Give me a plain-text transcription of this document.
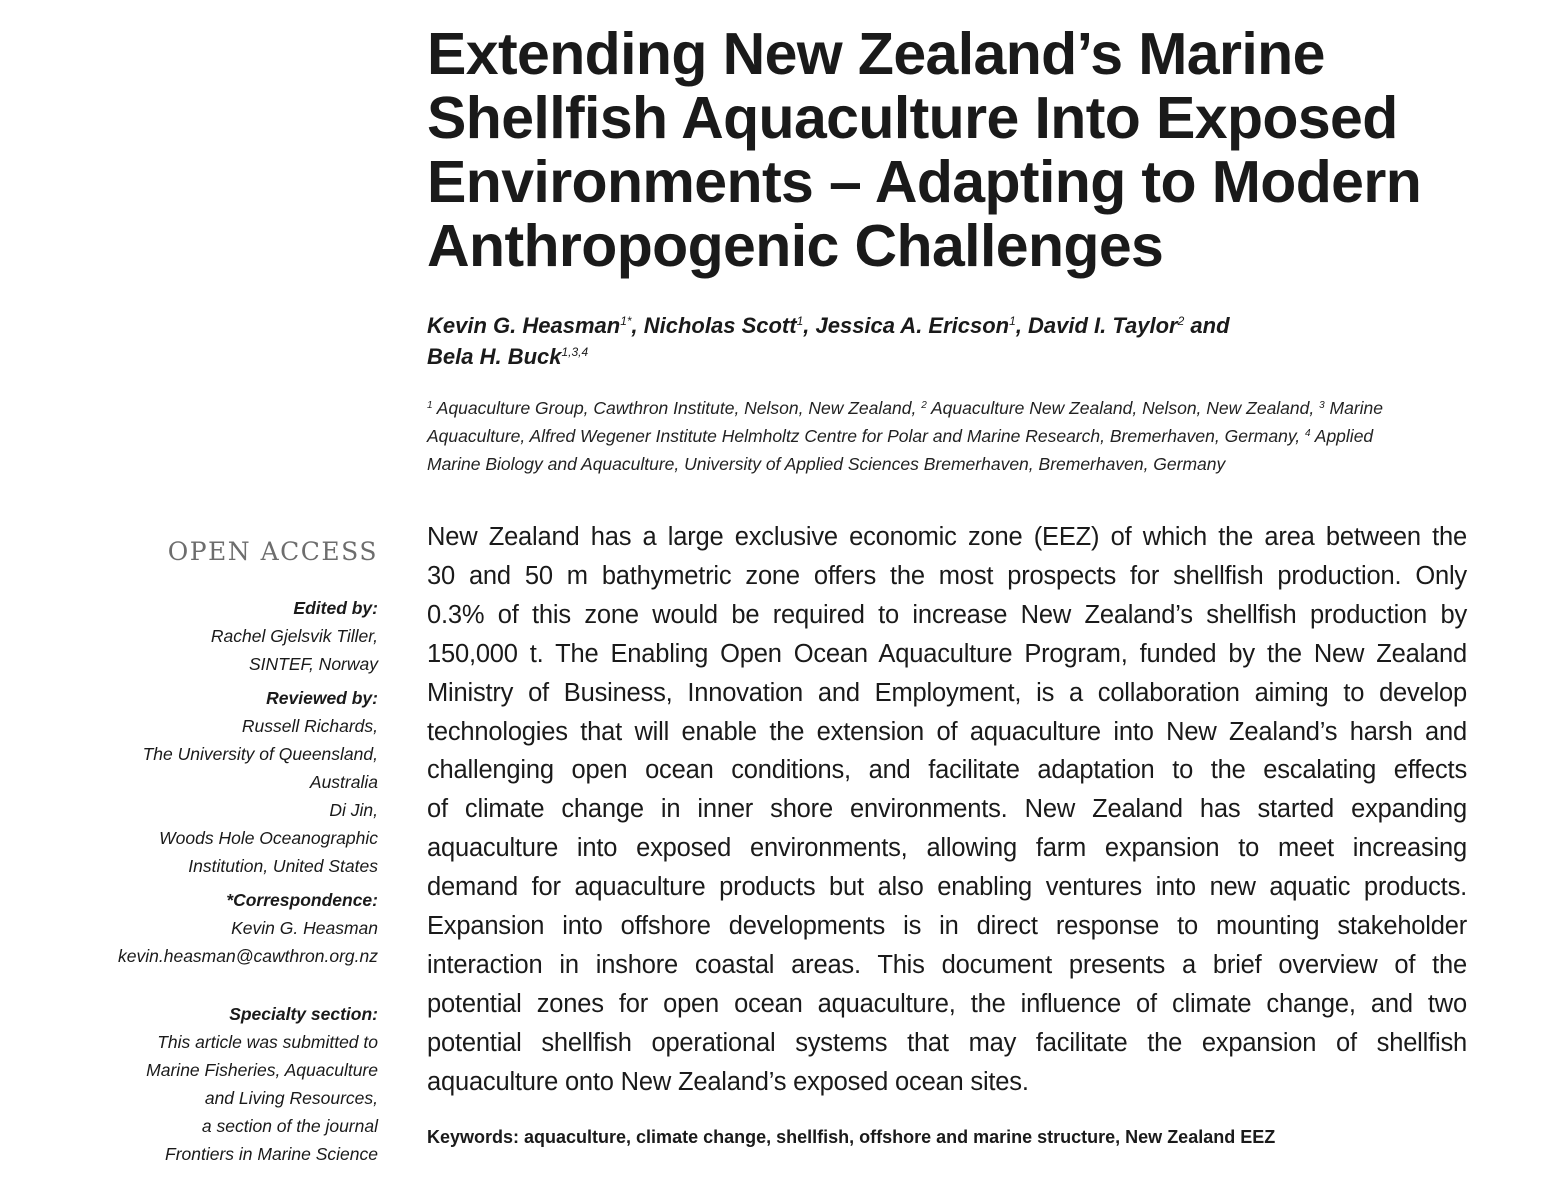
Extending New Zealand’s Marine
Shellfish Aquaculture Into Exposed
Environments – Adapting to Modern
Anthropogenic Challenges
Kevin G. Heasman$^{1*}$, Nicholas Scott$^1$, Jessica A. Ericson$^1$, David I. Taylor$^2$ and
Bela H. Buck$^{1,3,4}$
$^1$ Aquaculture Group, Cawthron Institute, Nelson, New Zealand, $^2$ Aquaculture New Zealand, Nelson, New Zealand, $^3$ Marine
Aquaculture, Alfred Wegener Institute Helmholtz Centre for Polar and Marine Research, Bremerhaven, Germany, $^4$ Applied
Marine Biology and Aquaculture, University of Applied Sciences Bremerhaven, Bremerhaven, Germany
OPEN ACCESS
Edited by:
Rachel Gjelsvik Tiller,
SINTEF, Norway
Reviewed by:
Russell Richards,
The University of Queensland,
Australia
Di Jin,
Woods Hole Oceanographic
Institution, United States
*Correspondence:
Kevin G. Heasman
kevin.heasman@cawthron.org.nz
Specialty section:
This article was submitted to
Marine Fisheries, Aquaculture
and Living Resources,
a section of the journal
Frontiers in Marine Science
New Zealand has a large exclusive economic zone (EEZ) of which the area between the
30 and 50 m bathymetric zone offers the most prospects for shellfish production. Only
0.3% of this zone would be required to increase New Zealand’s shellfish production by
150,000 t. The Enabling Open Ocean Aquaculture Program, funded by the New Zealand
Ministry of Business, Innovation and Employment, is a collaboration aiming to develop
technologies that will enable the extension of aquaculture into New Zealand’s harsh and
challenging open ocean conditions, and facilitate adaptation to the escalating effects
of climate change in inner shore environments. New Zealand has started expanding
aquaculture into exposed environments, allowing farm expansion to meet increasing
demand for aquaculture products but also enabling ventures into new aquatic products.
Expansion into offshore developments is in direct response to mounting stakeholder
interaction in inshore coastal areas. This document presents a brief overview of the
potential zones for open ocean aquaculture, the influence of climate change, and two
potential shellfish operational systems that may facilitate the expansion of shellfish
aquaculture onto New Zealand’s exposed ocean sites.
Keywords: aquaculture, climate change, shellfish, offshore and marine structure, New Zealand EEZ
